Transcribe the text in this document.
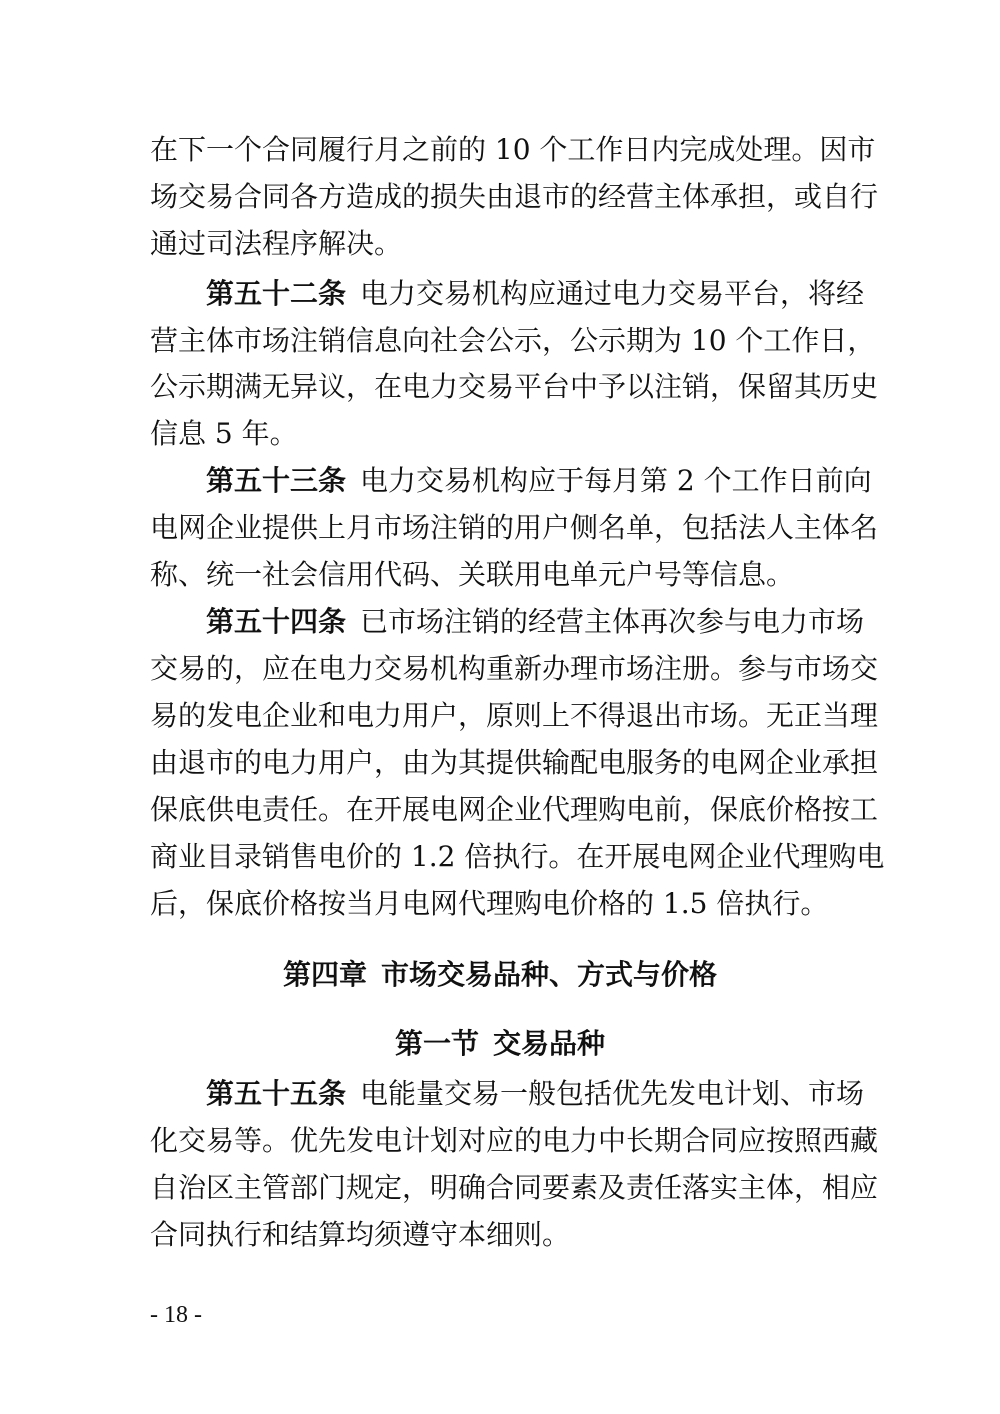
在下一个合同履行月之前的 10 个工作日内完成处理。因市
场交易合同各方造成的损失由退市的经营主体承担，或自行
通过司法程序解决。
第五十二条 电力交易机构应通过电力交易平台，将经
营主体市场注销信息向社会公示，公示期为 10 个工作日，
公示期满无异议，在电力交易平台中予以注销，保留其历史
信息 5 年。
第五十三条 电力交易机构应于每月第 2 个工作日前向
电网企业提供上月市场注销的用户侧名单，包括法人主体名
称、统一社会信用代码、关联用电单元户号等信息。
第五十四条 已市场注销的经营主体再次参与电力市场
交易的，应在电力交易机构重新办理市场注册。参与市场交
易的发电企业和电力用户，原则上不得退出市场。无正当理
由退市的电力用户，由为其提供输配电服务的电网企业承担
保底供电责任。在开展电网企业代理购电前，保底价格按工
商业目录销售电价的 1.2 倍执行。在开展电网企业代理购电
后，保底价格按当月电网代理购电价格的 1.5 倍执行。
第四章 市场交易品种、方式与价格
第一节 交易品种
第五十五条 电能量交易一般包括优先发电计划、市场
化交易等。优先发电计划对应的电力中长期合同应按照西藏
自治区主管部门规定，明确合同要素及责任落实主体，相应
合同执行和结算均须遵守本细则。
- 18 -
